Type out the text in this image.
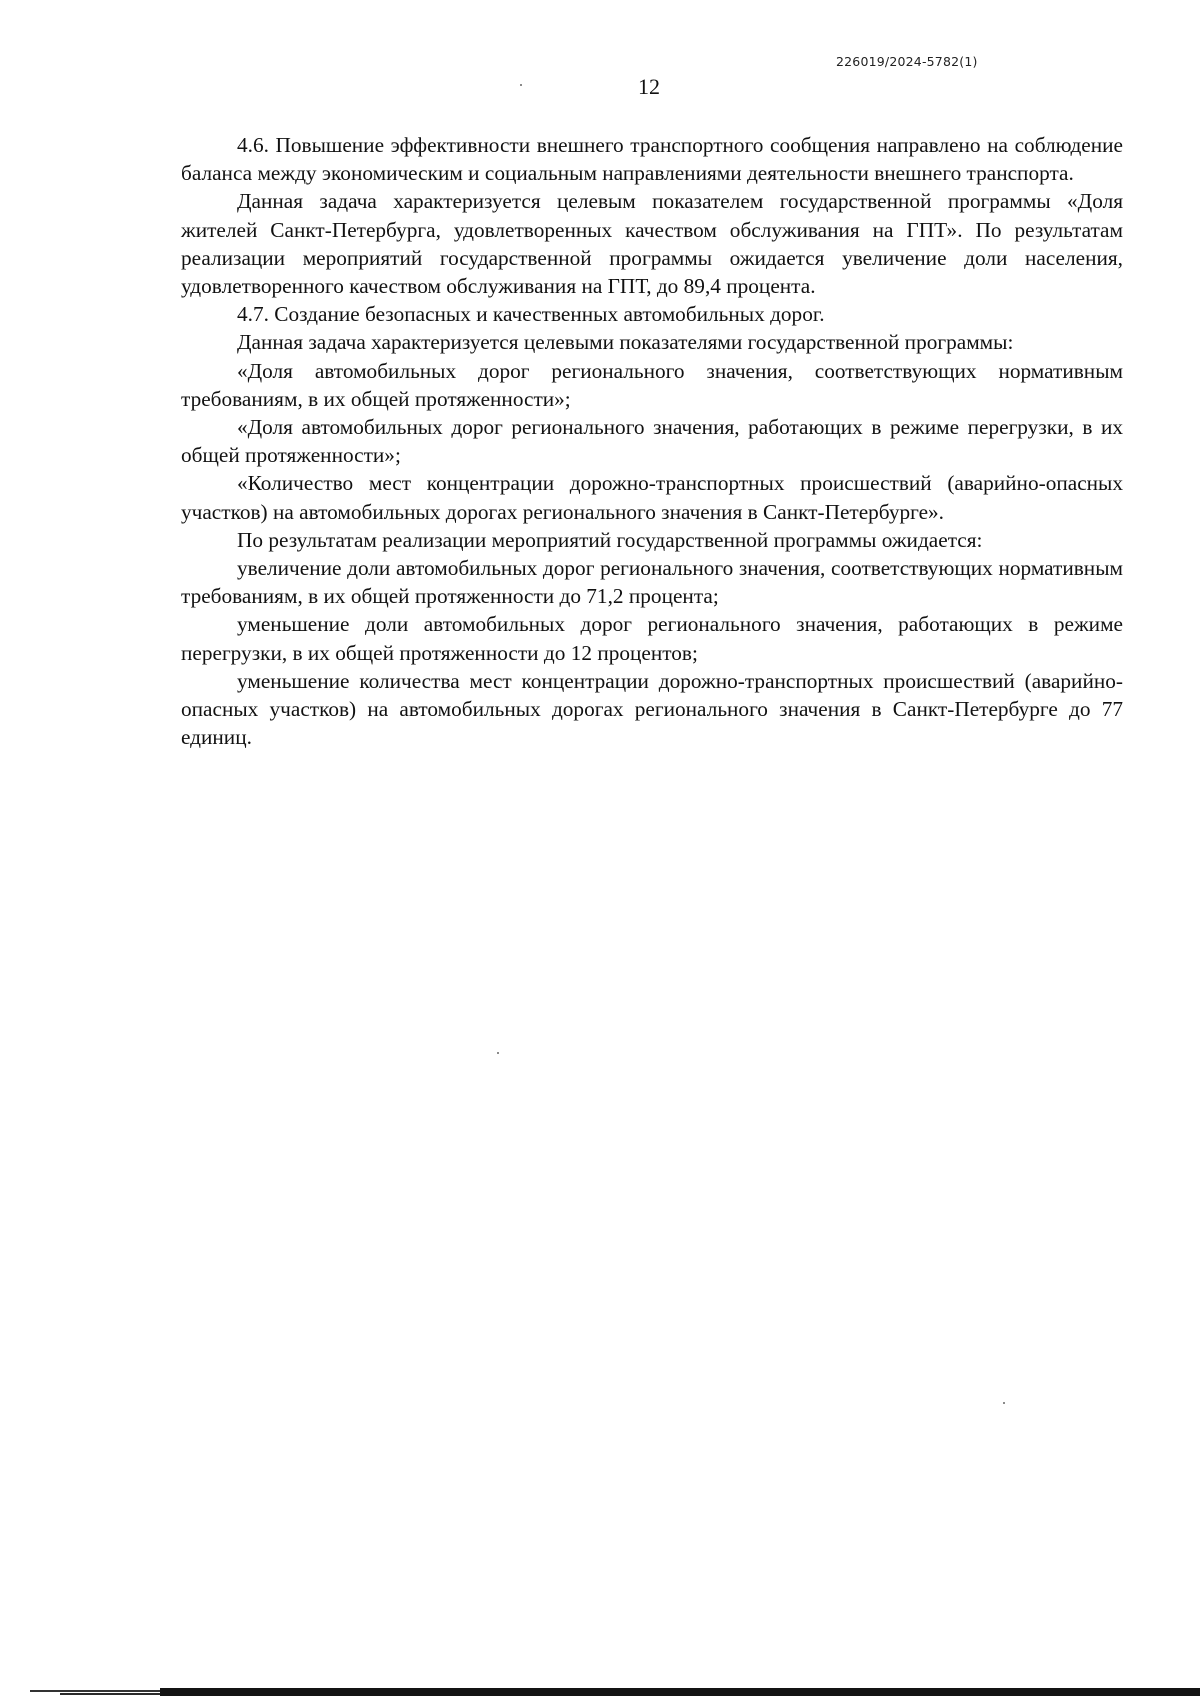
226019/2024-5782(1)
12

4.6. Повышение эффективности внешнего транспортного сообщения направлено на соблюдение баланса между экономическим и социальным направлениями деятельности внешнего транспорта.

Данная задача характеризуется целевым показателем государственной программы «Доля жителей Санкт-Петербурга, удовлетворенных качеством обслуживания на ГПТ». По результатам реализации мероприятий государственной программы ожидается увеличение доли населения, удовлетворенного качеством обслуживания на ГПТ, до 89,4 процента.

4.7. Создание безопасных и качественных автомобильных дорог.

Данная задача характеризуется целевыми показателями государственной программы:

«Доля автомобильных дорог регионального значения, соответствующих нормативным требованиям, в их общей протяженности»;

«Доля автомобильных дорог регионального значения, работающих в режиме перегрузки, в их общей протяженности»;

«Количество мест концентрации дорожно-транспортных происшествий (аварийно-опасных участков) на автомобильных дорогах регионального значения в Санкт-Петербурге».

По результатам реализации мероприятий государственной программы ожидается:

увеличение доли автомобильных дорог регионального значения, соответствующих нормативным требованиям, в их общей протяженности до 71,2 процента;

уменьшение доли автомобильных дорог регионального значения, работающих в режиме перегрузки, в их общей протяженности до 12 процентов;

уменьшение количества мест концентрации дорожно-транспортных происшествий (аварийно-опасных участков) на автомобильных дорогах регионального значения в Санкт-Петербурге до 77 единиц.
